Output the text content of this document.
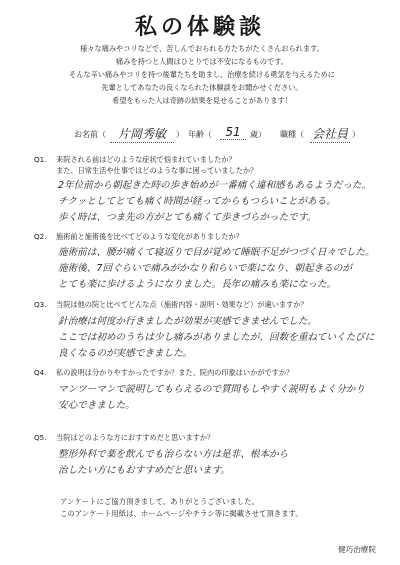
私の体験談
様々な痛みやコリなどで、苦しんでおられる方たちがたくさんおられます。
痛みを持つと人間はひとりでは不安になるものです。
そんな辛い痛みやコリを持つ後輩たちを助まし、治療を続ける勇気を与えるために
先輩としてあなたの良くなられた体験談をお聞かせください。
希望をもった人は奇跡の結果を見せることがあります！
お名前（ 片岡秀敏	） 年齢（	51	歳） 職種（ 会社員 ）
Q1. 来院される前はどのような症状で悩まれていましたか？
また、日常生活や仕事ではどのような事に困っていましたか？
2年位前から朝起きた時の歩き始めが一番痛く違和感もあるようだった。
チクッとしてとても痛く時間が経ってからもつらいことがある。
歩く時は、つま先の方がとても痛くて歩きづらかったです。
Q2. 施術前と施術後を比べてどのような変化がありましたか？
施術前は、腰が痛くて寝返りで目が覚めて睡眠不足がつづく日々でした。
施術後、7回ぐらいで痛みがかなり和らいで楽になり、朝起きるのが
とても楽に歩けるようになりました。長年の痛みも楽になった。
Q3. 当院は他の院と比べてどんな点（施術内容・説明・効果など）が違いますか？
針治療は何度か行きましたが効果が実感できませんでした。
ここでは初めのうちは少し痛みがありましたが、回数を重ねていくたびに
良くなるのが実感できました。
Q4. 私の説明は分かりやすかったですか？また、院内の印象はいかがですか？
マンツーマンで説明してもらえるので質問もしやすく説明もよく分かり
安心できました。
Q5. 当院はどのような方におすすめだと思いますか？
整形外科で薬を飲んでも治らない方は是非、根本から
治したい方にもおすすめだと思います。
アンケートにご協力頂きまして、ありがとうございました。
このアンケート用紙は、ホームページやチラシ等に掲載させて頂きます。
健巧治療院
